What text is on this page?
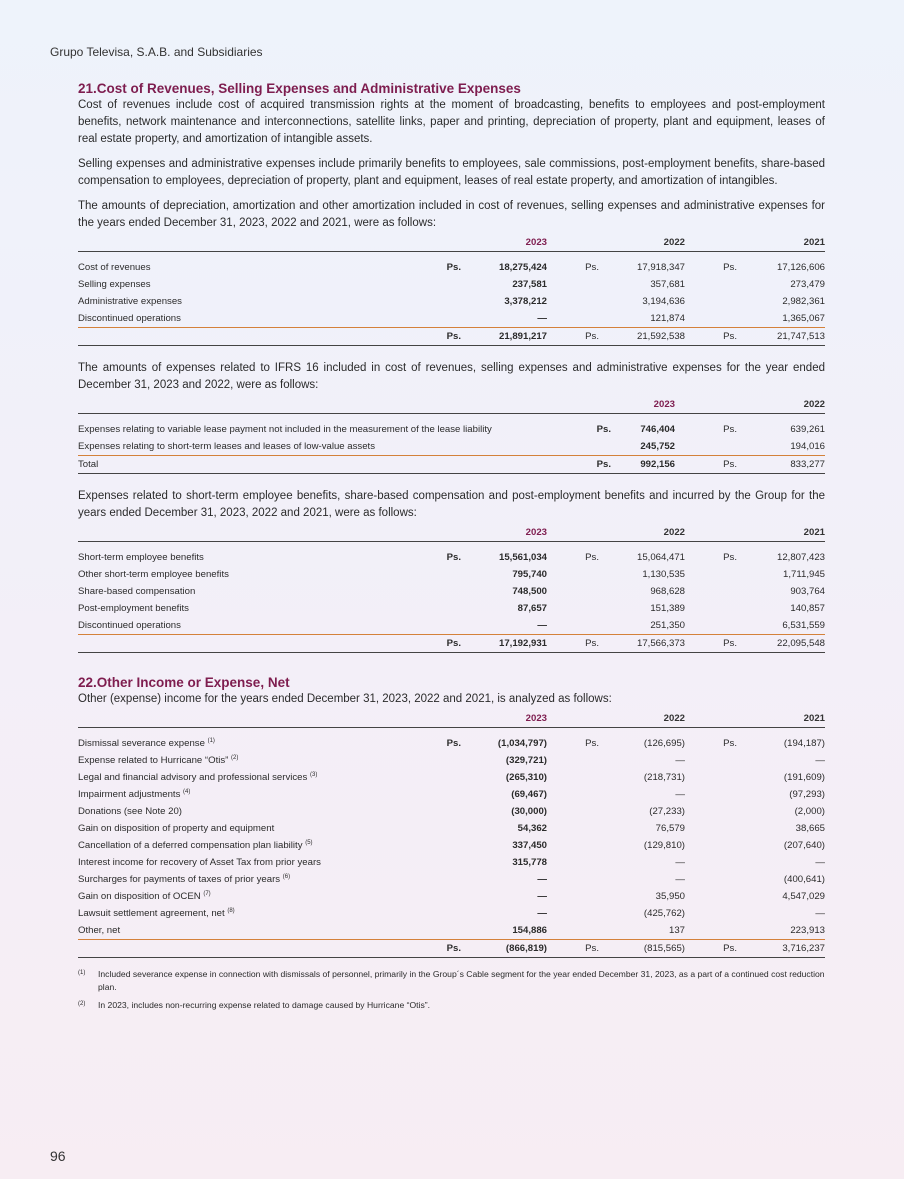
Grupo Televisa, S.A.B. and Subsidiaries
21.Cost of Revenues, Selling Expenses and Administrative Expenses

Cost of revenues include cost of acquired transmission rights at the moment of broadcasting, benefits to employees and post-employment benefits, network maintenance and interconnections, satellite links, paper and printing, depreciation of property, plant and equipment, leases of real estate property, and amortization of intangible assets.

Selling expenses and administrative expenses include primarily benefits to employees, sale commissions, post-employment benefits, share-based compensation to employees, depreciation of property, plant and equipment, leases of real estate property, and amortization of intangibles.

The amounts of depreciation, amortization and other amortization included in cost of revenues, selling expenses and administrative expenses for the years ended December 31, 2023, 2022 and 2021, were as follows:

		2023		2022		2021

Cost of revenues	Ps.	18,275,424	Ps.	17,918,347	Ps.	17,126,606
Selling expenses		237,581		357,681		273,479
Administrative expenses		3,378,212		3,194,636		2,982,361
Discontinued operations		—		121,874		1,365,067
	Ps.	21,891,217	Ps.	21,592,538	Ps.	21,747,513

The amounts of expenses related to IFRS 16 included in cost of revenues, selling expenses and administrative expenses for the year ended December 31, 2023 and 2022, were as follows:

		2023		2022

Expenses relating to variable lease payment not included in the measurement of the lease liability	Ps.	746,404	Ps.	639,261
Expenses relating to short-term leases and leases of low-value assets		245,752		194,016
Total	Ps.	992,156	Ps.	833,277

Expenses related to short-term employee benefits, share-based compensation and post-employment benefits and incurred by the Group for the years ended December 31, 2023, 2022 and 2021, were as follows:

		2023		2022		2021

Short-term employee benefits	Ps.	15,561,034	Ps.	15,064,471	Ps.	12,807,423
Other short-term employee benefits		795,740		1,130,535		1,711,945
Share-based compensation		748,500		968,628		903,764
Post-employment benefits		87,657		151,389		140,857
Discontinued operations		—		251,350		6,531,559
	Ps.	17,192,931	Ps.	17,566,373	Ps.	22,095,548
22.Other Income or Expense, Net

Other (expense) income for the years ended December 31, 2023, 2022 and 2021, is analyzed as follows:

		2023		2022		2021

Dismissal severance expense $^{(1)}$	Ps.	(1,034,797)	Ps.	(126,695)	Ps.	(194,187)
Expense related to Hurricane “Otis” $^{(2)}$		(329,721)		—		—
Legal and financial advisory and professional services $^{(3)}$		(265,310)		(218,731)		(191,609)
Impairment adjustments $^{(4)}$		(69,467)		—		(97,293)
Donations (see Note 20)		(30,000)		(27,233)		(2,000)
Gain on disposition of property and equipment		54,362		76,579		38,665
Cancellation of a deferred compensation plan liability $^{(5)}$		337,450		(129,810)		(207,640)
Interest income for recovery of Asset Tax from prior years		315,778		—		—
Surcharges for payments of taxes of prior years $^{(6)}$		—		—		(400,641)
Gain on disposition of OCEN $^{(7)}$		—		35,950		4,547,029
Lawsuit settlement agreement, net $^{(8)}$		—		(425,762)		—
Other, net		154,886		137		223,913
	Ps.	(866,819)	Ps.	(815,565)	Ps.	3,716,237
(1)	Included severance expense in connection with dismissals of personnel, primarily in the Group´s Cable segment for the year ended December 31, 2023, as a part of a continued cost reduction plan.
(2)	In 2023, includes non-recurring expense related to damage caused by Hurricane “Otis”.
96
